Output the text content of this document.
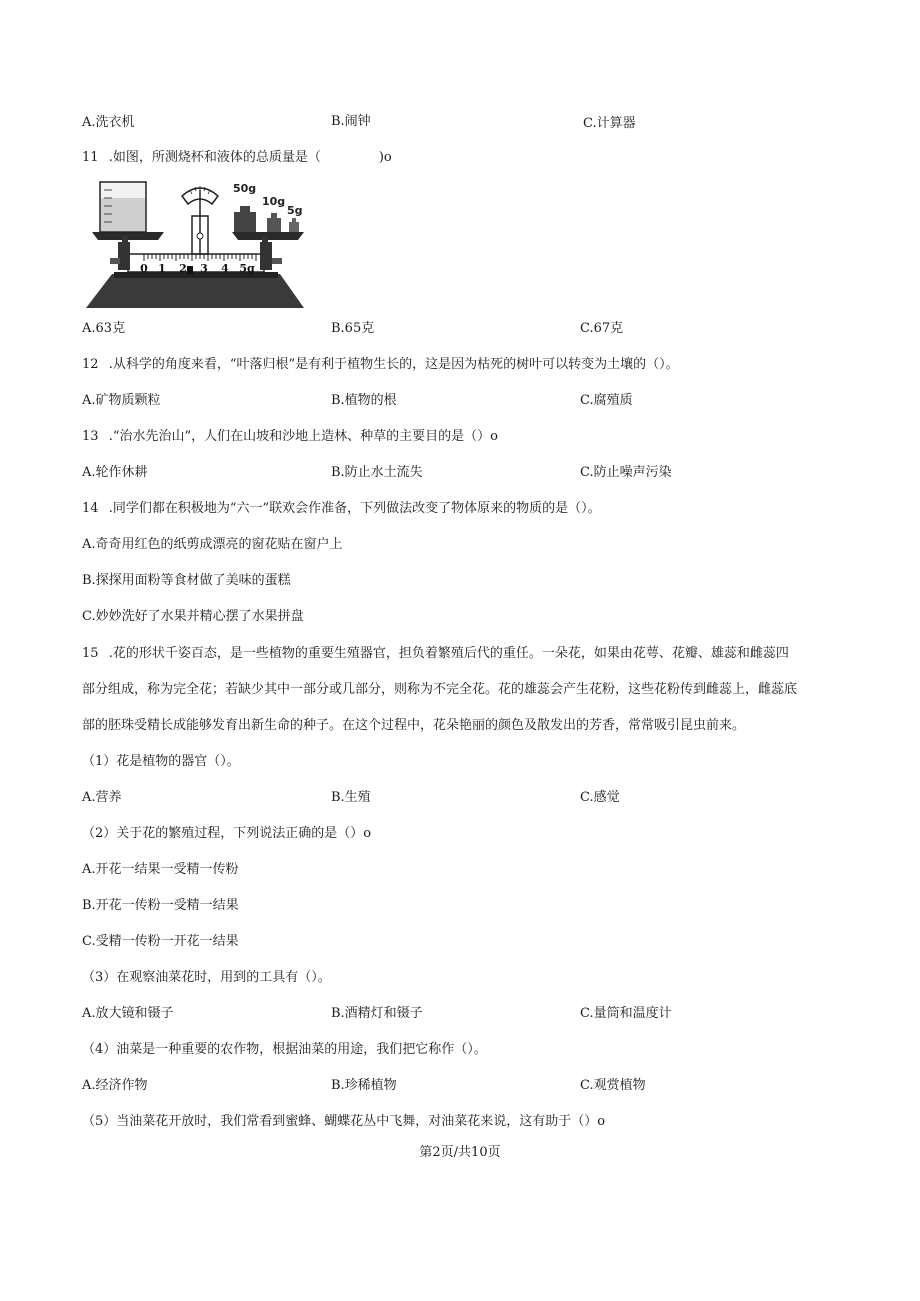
A.洗衣机	B.闹钟	C.计算器
11 .如图，所测烧杯和液体的总质量是（	)o
0 1 2 3 4 5g
50g
10g
5g
A.63克	B.65克	C.67克
12 .从科学的角度来看，“叶落归根”是有利于植物生长的，这是因为枯死的树叶可以转变为土壤的（）。
A.矿物质颗粒	B.植物的根	C.腐殖质
13 .“治水先治山”，人们在山坡和沙地上造林、种草的主要目的是（）o
A.轮作休耕	B.防止水土流失	C.防止噪声污染
14 .同学们都在积极地为“六一”联欢会作准备，下列做法改变了物体原来的物质的是（）。
A.奇奇用红色的纸剪成漂亮的窗花贴在窗户上
B.探探用面粉等食材做了美味的蛋糕
C.妙妙洗好了水果并精心摆了水果拼盘
15 .花的形状千姿百态，是一些植物的重要生殖器官，担负着繁殖后代的重任。一朵花，如果由花萼、花瓣、雄蕊和雌蕊四
部分组成，称为完全花；若缺少其中一部分或几部分，则称为不完全花。花的雄蕊会产生花粉，这些花粉传到雌蕊上，雌蕊底
部的胚珠受精长成能够发育出新生命的种子。在这个过程中，花朵艳丽的颜色及散发出的芳香，常常吸引昆虫前来。
（1）花是植物的器官（）。
A.营养	B.生殖	C.感觉
（2）关于花的繁殖过程，下列说法正确的是（）o
A.开花一结果一受精一传粉
B.开花一传粉一受精一结果
C.受精一传粉一开花一结果
（3）在观察油菜花时，用到的工具有（）。
A.放大镜和镊子	B.酒精灯和镊子	C.量筒和温度计
（4）油菜是一种重要的农作物，根据油菜的用途，我们把它称作（）。
A.经济作物	B.珍稀植物	C.观赏植物
（5）当油菜花开放时，我们常看到蜜蜂、蝴蝶花丛中飞舞，对油菜花来说，这有助于（）o
第2页/共10页
